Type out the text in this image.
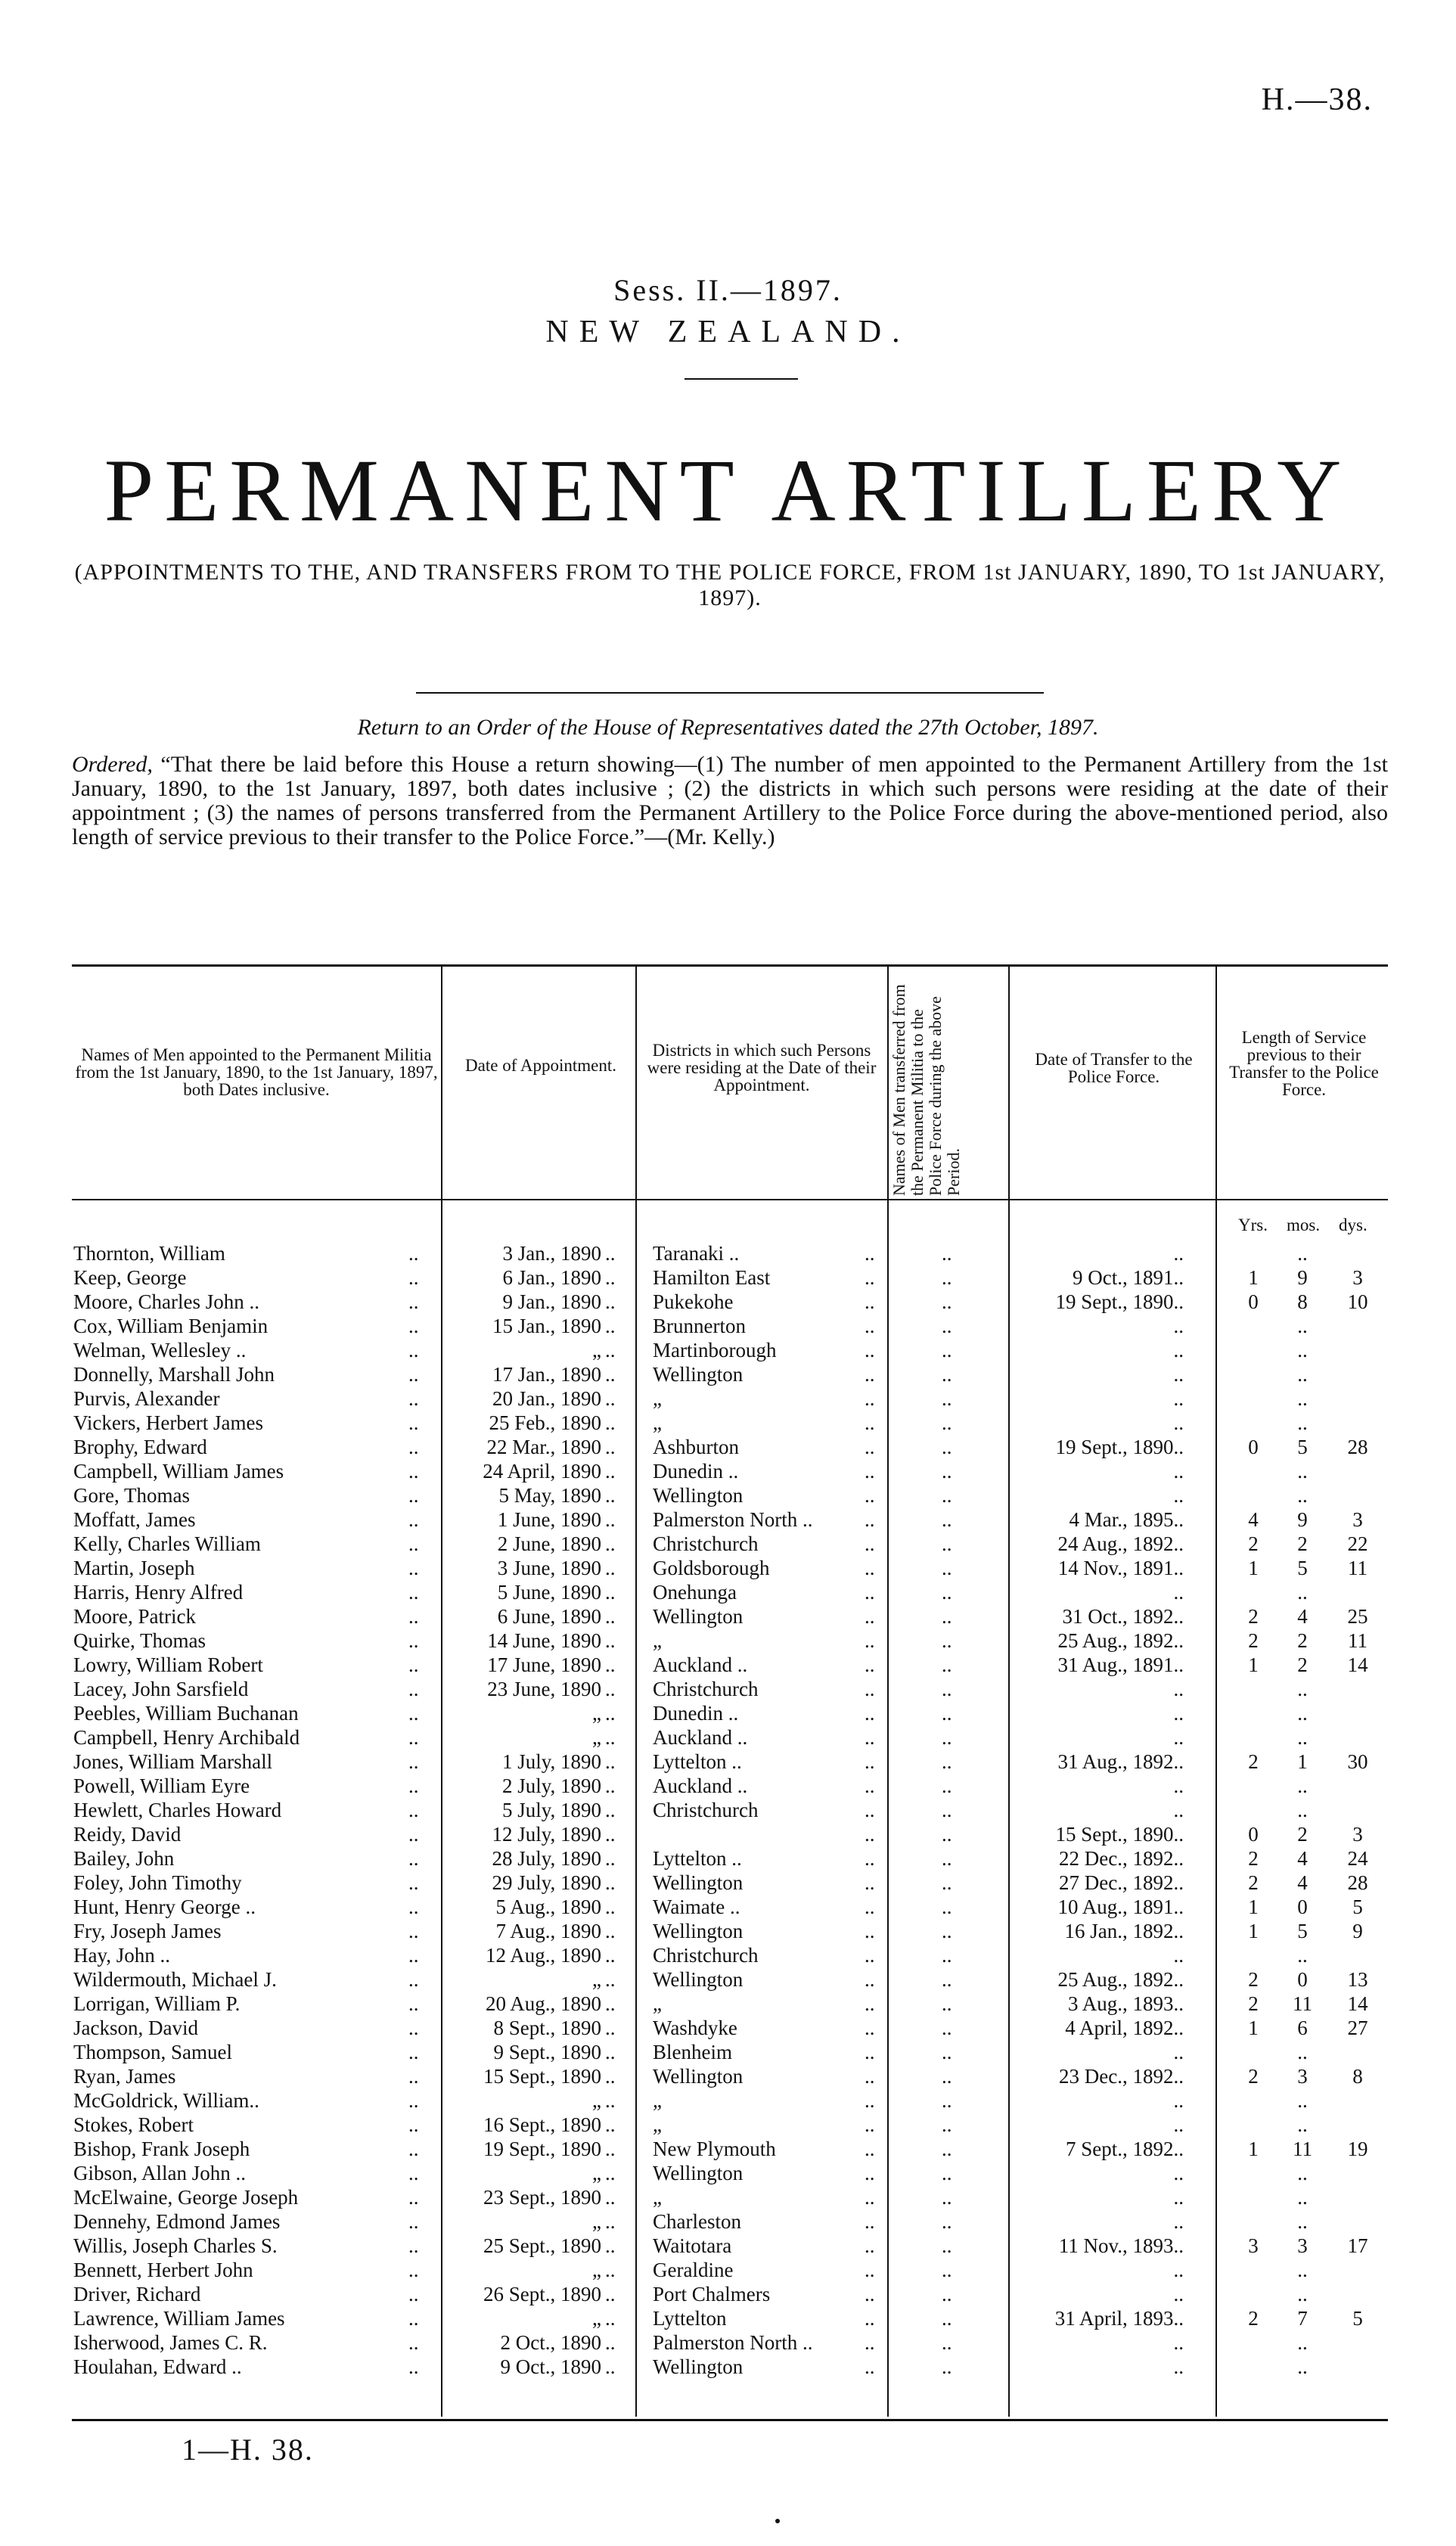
H.—38.
Sess. II.—1897.
NEW ZEALAND.
PERMANENT ARTILLERY
(APPOINTMENTS TO THE, AND TRANSFERS FROM TO THE POLICE FORCE, FROM 1st JANUARY, 1890, TO 1st JANUARY, 1897).
Return to an Order of the House of Representatives dated the 27th October, 1897.
Ordered, “That there be laid before this House a return showing—(1) The number of men appointed to the Permanent Artillery from the 1st January, 1890, to the 1st January, 1897, both dates inclusive ; (2) the districts in which such persons were residing at the date of their appointment ; (3) the names of persons transferred from the Permanent Artillery to the Police Force during the above-mentioned period, also length of service previous to their transfer to the Police Force.”—(Mr. Kelly.)
Names of Men appointed to the Permanent Militia from the 1st January, 1890, to the 1st January, 1897, both Dates inclusive.
Date of Appointment.
Districts in which such Persons were residing at the Date of their Appointment.	Names of Men transferred from the Permanent Militia to the Police Force during the above Period.
Date of Transfer to the Police Force.
Length of Service previous to their Transfer to the Police Force.
Yrs. mos. dys.
Thornton, William	..	3 Jan., 1890 .. Taranaki ..	..	..	..	..
Keep, George	..	6 Jan., 1890 .. Hamilton East	..	..	9 Oct., 1891..	1	9	3
Moore, Charles John ..	..	9 Jan., 1890 .. Pukekohe	..	..	19 Sept., 1890..	0	8	10
Cox, William Benjamin	..	15 Jan., 1890 .. Brunnerton	..	..	..	..
Welman, Wellesley ..	..	„ .. Martinborough	..	..	..	..
Donnelly, Marshall John	..	17 Jan., 1890 .. Wellington	..	..	..	..
Purvis, Alexander	..	20 Jan., 1890 .. „	..	..	..	..
Vickers, Herbert James	..	25 Feb., 1890 .. „	..	..	..	..
Brophy, Edward	..	22 Mar., 1890 .. Ashburton	..	..	19 Sept., 1890..	0	5	28
Campbell, William James	..	24 April, 1890 .. Dunedin ..	..	..	..	..
Gore, Thomas	..	5 May, 1890 .. Wellington	..	..	..	..
Moffatt, James	..	1 June, 1890 .. Palmerston North ..	..	..	4 Mar., 1895..	4	9	3
Kelly, Charles William	..	2 June, 1890 .. Christchurch	..	..	24 Aug., 1892..	2	2	22
Martin, Joseph	..	3 June, 1890 .. Goldsborough	..	..	14 Nov., 1891..	1	5	11
Harris, Henry Alfred	..	5 June, 1890 .. Onehunga	..	..	..	..
Moore, Patrick	..	6 June, 1890 .. Wellington	..	..	31 Oct., 1892..	2	4	25
Quirke, Thomas	..	14 June, 1890 .. „	..	..	25 Aug., 1892..	2	2	11
Lowry, William Robert	..	17 June, 1890 .. Auckland ..	..	..	31 Aug., 1891..	1	2	14
Lacey, John Sarsfield	..	23 June, 1890 .. Christchurch	..	..	..	..
Peebles, William Buchanan	..	„ .. Dunedin ..	..	..	..	..
Campbell, Henry Archibald	..	„ .. Auckland ..	..	..	..	..
Jones, William Marshall	..	1 July, 1890 .. Lyttelton ..	..	..	31 Aug., 1892..	2	1	30
Powell, William Eyre	..	2 July, 1890 .. Auckland ..	..	..	..	..
Hewlett, Charles Howard	..	5 July, 1890 .. Christchurch	..	..	..	..
Reidy, David	..	12 July, 1890 ..	..	..	15 Sept., 1890..	0	2	3
Bailey, John	..	28 July, 1890 .. Lyttelton ..	..	..	22 Dec., 1892..	2	4	24
Foley, John Timothy	..	29 July, 1890 .. Wellington	..	..	27 Dec., 1892..	2	4	28
Hunt, Henry George ..	..	5 Aug., 1890 .. Waimate ..	..	..	10 Aug., 1891..	1	0	5
Fry, Joseph James	..	7 Aug., 1890 .. Wellington	..	..	16 Jan., 1892..	1	5	9
Hay, John ..	..	12 Aug., 1890 .. Christchurch	..	..	..	..
Wildermouth, Michael J.	..	„ .. Wellington	..	..	25 Aug., 1892..	2	0	13
Lorrigan, William P.	..	20 Aug., 1890 .. „	..	..	3 Aug., 1893..	2	11 14
Jackson, David	..	8 Sept., 1890 .. Washdyke	..	..	4 April, 1892..	1	6	27
Thompson, Samuel	..	9 Sept., 1890 .. Blenheim	..	..	..	..
Ryan, James	..	15 Sept., 1890 .. Wellington	..	..	23 Dec., 1892..	2	3	8
McGoldrick, William..	..	„ .. „	..	..	..	..
Stokes, Robert	..	16 Sept., 1890 .. „	..	..	..	..
Bishop, Frank Joseph	..	19 Sept., 1890 .. New Plymouth	..	..	7 Sept., 1892..	1	11 19
Gibson, Allan John ..	..	„ .. Wellington	..	..	..	..
McElwaine, George Joseph	..	23 Sept., 1890 .. „	..	..	..	..
Dennehy, Edmond James	..	„ .. Charleston	..	..	..	..
Willis, Joseph Charles S.	..	25 Sept., 1890 .. Waitotara	..	..	11 Nov., 1893..	3	3	17
Bennett, Herbert John	..	„ .. Geraldine	..	..	..	..
Driver, Richard	..	26 Sept., 1890 .. Port Chalmers	..	..	..	..
Lawrence, William James	..	„ .. Lyttelton	..	..	31 April, 1893..	2	7	5
Isherwood, James C. R.	..	2 Oct., 1890 .. Palmerston North ..	..	..	..	..
Houlahan, Edward ..	..	9 Oct., 1890 .. Wellington	..	..	..	..
1—H. 38.
